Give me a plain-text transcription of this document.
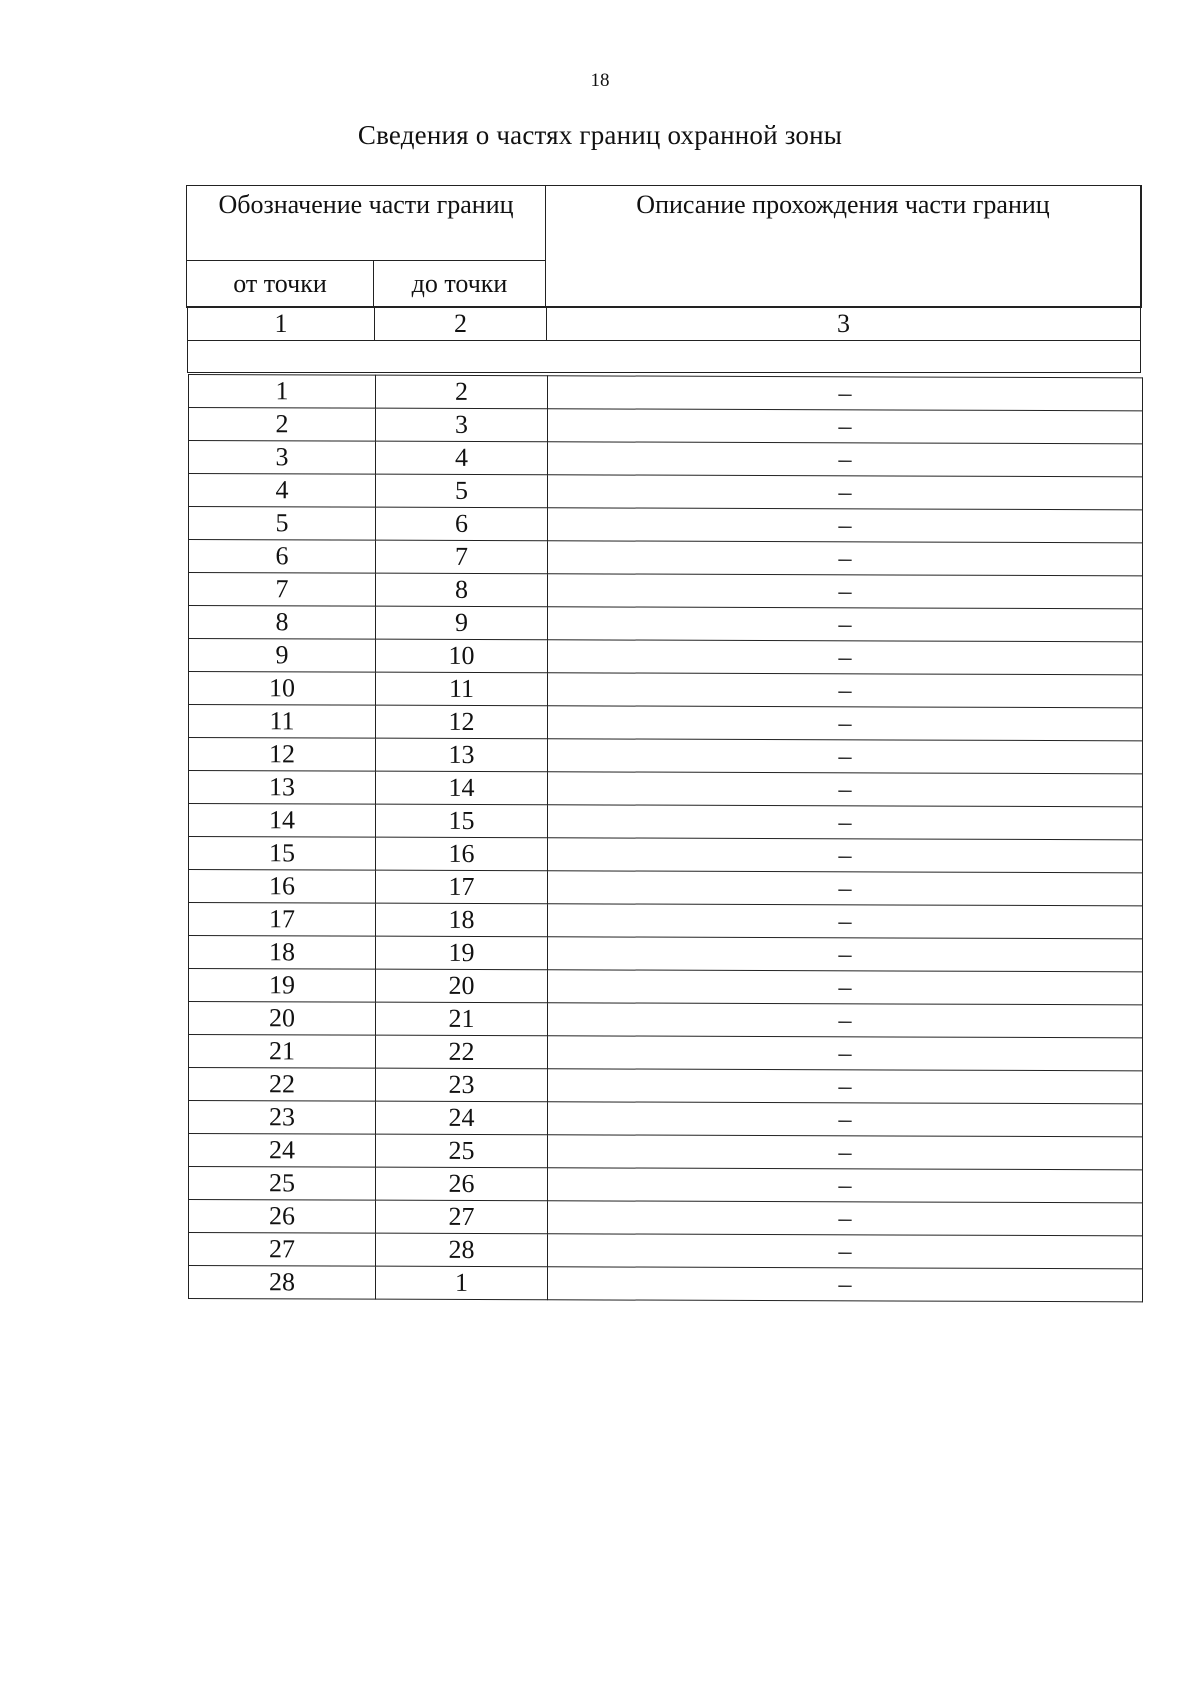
18
Сведения о частях границ охранной зоны
Обозначение части границ		Описание прохождения части границ
от точки	до точки	
1	2	3

1	2	–
2	3	–
3	4	–
4	5	–
5	6	–
6	7	–
7	8	–
8	9	–
9	10	–
10	11	–
11	12	–
12	13	–
13	14	–
14	15	–
15	16	–
16	17	–
17	18	–
18	19	–
19	20	–
20	21	–
21	22	–
22	23	–
23	24	–
24	25	–
25	26	–
26	27	–
27	28	–
28	1	–
